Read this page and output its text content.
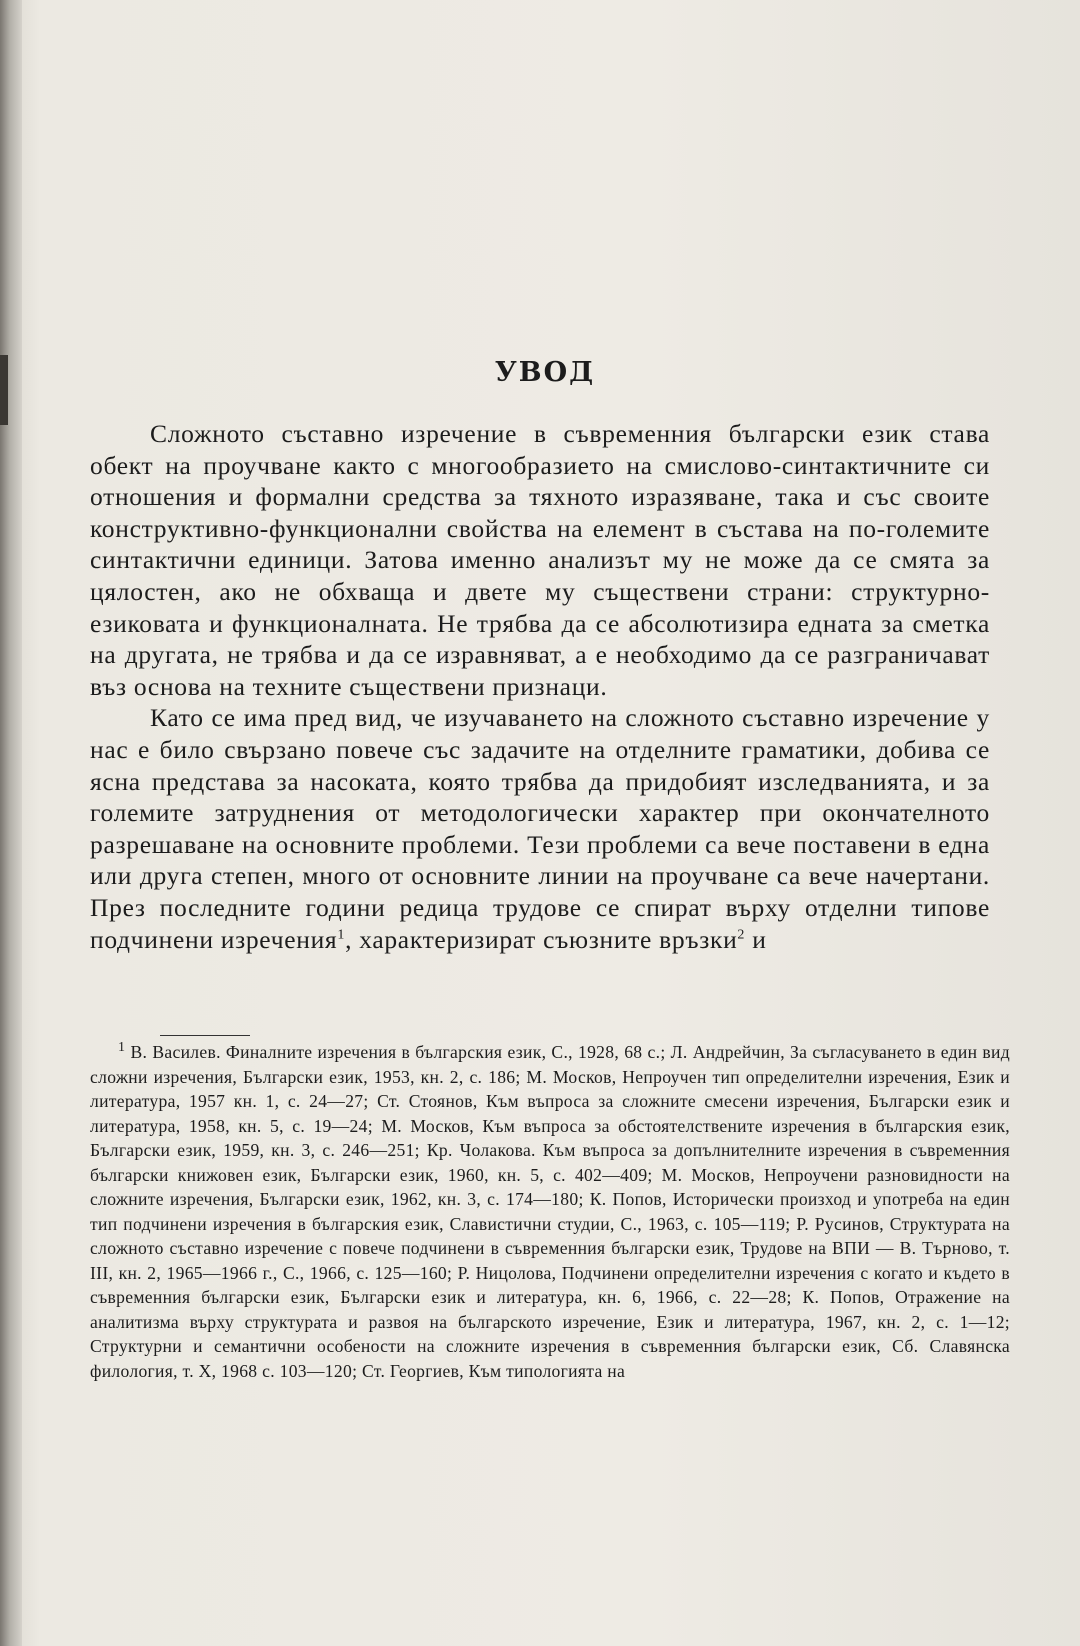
УВОД

Сложното съставно изречение в съвременния български език става обект на проучване както с многообразието на смислово-синтактичните си отношения и формални средства за тяхното изразяване, така и със своите конструктивно-функционални свойства на елемент в състава на по-големите синтактични единици. Затова именно анализът му не може да се смята за цялостен, ако не обхваща и двете му съществени страни: структурно-езиковата и функционалната. Не трябва да се абсолютизира едната за сметка на другата, не трябва и да се изравняват, а е необходимо да се разграничават въз основа на техните съществени признаци.

Като се има пред вид, че изучаването на сложното съставно изречение у нас е било свързано повече със задачите на отделните граматики, добива се ясна представа за насоката, която трябва да придобият изследванията, и за големите затруднения от методологически характер при окончателното разрешаване на основните проблеми. Тези проблеми са вече поставени в една или друга степен, много от основните линии на проучване са вече начертани. През последните години редица трудове се спират върху отделни типове подчинени изречения$^1$, характеризират съюзните връзки$^2$ и

$^1$ В. Василев. Финалните изречения в българския език, С., 1928, 68 с.; Л. Андрейчин, За съгласуването в един вид сложни изречения, Български език, 1953, кн. 2, с. 186; М. Москов, Непроучен тип определителни изречения, Език и литература, 1957 кн. 1, с. 24—27; Ст. Стоянов, Към въпроса за сложните смесени изречения, Български език и литература, 1958, кн. 5, с. 19—24; М. Москов, Към въпроса за обстоятелствените изречения в българския език, Български език, 1959, кн. 3, с. 246—251; Кр. Чолакова. Към въпроса за допълнителните изречения в съвременния български книжовен език, Български език, 1960, кн. 5, с. 402—409; М. Москов, Непроучени разновидности на сложните изречения, Български език, 1962, кн. 3, с. 174—180; К. Попов, Исторически произход и употреба на един тип подчинени изречения в българския език, Славистични студии, С., 1963, с. 105—119; Р. Русинов, Структурата на сложното съставно изречение с повече подчинени в съвременния български език, Трудове на ВПИ — В. Търново, т. III, кн. 2, 1965—1966 г., С., 1966, с. 125—160; Р. Ницолова, Подчинени определителни изречения с когато и където в съвременния български език, Български език и литература, кн. 6, 1966, с. 22—28; К. Попов, Отражение на аналитизма върху структурата и развоя на българското изречение, Език и литература, 1967, кн. 2, с. 1—12; Структурни и семантични особености на сложните изречения в съвременния български език, Сб. Славянска филология, т. X, 1968 с. 103—120; Ст. Георгиев, Към типологията на
